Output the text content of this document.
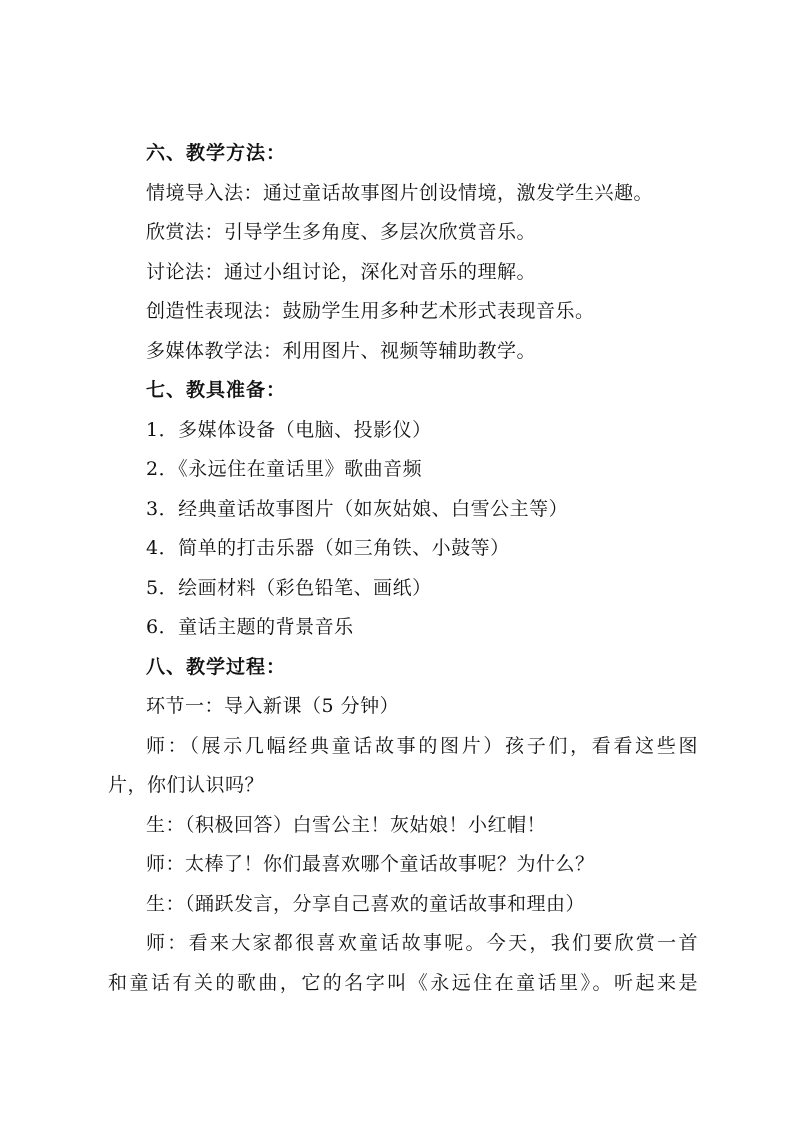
六、教学方法：
情境导入法：通过童话故事图片创设情境，激发学生兴趣。
欣赏法：引导学生多角度、多层次欣赏音乐。
讨论法：通过小组讨论，深化对音乐的理解。
创造性表现法：鼓励学生用多种艺术形式表现音乐。
多媒体教学法：利用图片、视频等辅助教学。
七、教具准备：
1．多媒体设备（电脑、投影仪）
2．《永远住在童话里》歌曲音频
3．经典童话故事图片（如灰姑娘、白雪公主等）
4．简单的打击乐器（如三角铁、小鼓等）
5．绘画材料（彩色铅笔、画纸）
6．童话主题的背景音乐
八、教学过程：
环节一：导入新课（5 分钟）
师：（展示几幅经典童话故事的图片）孩子们，看看这些图
片，你们认识吗？
生：（积极回答）白雪公主！灰姑娘！小红帽！
师：太棒了！你们最喜欢哪个童话故事呢？为什么？
生：（踊跃发言，分享自己喜欢的童话故事和理由）
师：看来大家都很喜欢童话故事呢。今天，我们要欣赏一首
和童话有关的歌曲，它的名字叫《永远住在童话里》。听起来是
